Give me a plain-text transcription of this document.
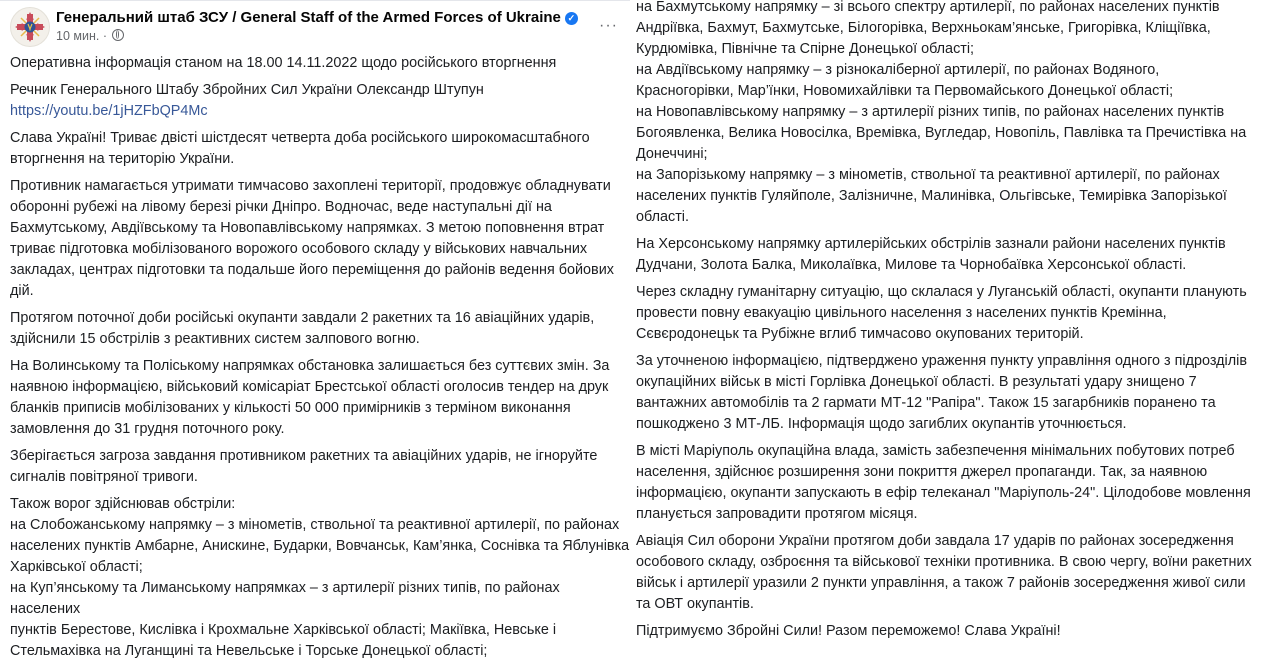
Генеральний штаб ЗСУ / General Staff of the Armed Forces of Ukraine ✓
10 мин. ·
···

Оперативна інформація станом на 18.00 14.11.2022 щодо російського вторгнення

Речник Генерального Штабу Збройних Сил України Олександр Штупун

https://youtu.be/1jHZFbQP4Mc

Слава Україні! Триває двісті шістдесят четверта доба російського широкомасштабного
вторгнення на територію України.

Противник намагається утримати тимчасово захоплені території, продовжує обладнувати
оборонні рубежі на лівому березі річки Дніпро. Водночас, веде наступальні дії на
Бахмутському, Авдіївському та Новопавлівському напрямках. З метою поповнення втрат
триває підготовка мобілізованого ворожого особового складу у військових навчальних
закладах, центрах підготовки та подальше його переміщення до районів ведення бойових
дій.

Протягом поточної доби російські окупанти завдали 2 ракетних та 16 авіаційних ударів,
здійснили 15 обстрілів з реактивних систем залпового вогню.

На Волинському та Поліському напрямках обстановка залишається без суттєвих змін. За
наявною інформацією, військовий комісаріат Брестської області оголосив тендер на друк
бланків приписів мобілізованих у кількості 50 000 примірників з терміном виконання
замовлення до 31 грудня поточного року.

Зберігається загроза завдання противником ракетних та авіаційних ударів, не ігноруйте
сигналів повітряної тривоги.

Також ворог здійснював обстріли:
на Слобожанському напрямку – з мінометів, ствольної та реактивної артилерії, по районах
населених пунктів Амбарне, Анискине, Бударки, Вовчанськ, Кам’янка, Соснівка та Яблунівка
Харківської області;
на Куп’янському та Лиманському напрямках – з артилерії різних типів, по районах населених
пунктів Берестове, Кислівка і Крохмальне Харківської області; Макіївка, Невське і
Стельмахівка на Луганщині та Невельське і Торське Донецької області;

на Бахмутському напрямку – зі всього спектру артилерії, по районах населених пунктів
Андріївка, Бахмут, Бахмутське, Білогорівка, Верхньокам’янське, Григорівка, Кліщіївка,
Курдюмівка, Північне та Спірне Донецької області;
на Авдіївському напрямку – з різнокаліберної артилерії, по районах Водяного,
Красногорівки, Мар’їнки, Новомихайлівки та Первомайського Донецької області;
на Новопавлівському напрямку – з артилерії різних типів, по районах населених пунктів
Богоявленка, Велика Новосілка, Времівка, Вугледар, Новопіль, Павлівка та Пречистівка на
Донеччині;
на Запорізькому напрямку – з мінометів, ствольної та реактивної артилерії, по районах
населених пунктів Гуляйполе, Залізничне, Малинівка, Ольгівське, Темирівка Запорізької
області.

На Херсонському напрямку артилерійських обстрілів зазнали райони населених пунктів
Дудчани, Золота Балка, Миколаївка, Милове та Чорнобаївка Херсонської області.

Через складну гуманітарну ситуацію, що склалася у Луганській області, окупанти планують
провести повну евакуацію цивільного населення з населених пунктів Кремінна,
Сєвєродонецьк та Рубіжне вглиб тимчасово окупованих територій.

За уточненою інформацією, підтверджено ураження пункту управління одного з підрозділів
окупаційних військ в місті Горлівка Донецької області. В результаті удару знищено 7
вантажних автомобілів та 2 гармати МТ-12 "Рапіра". Також 15 загарбників поранено та
пошкоджено 3 МТ-ЛБ. Інформація щодо загиблих окупантів уточнюється.

В місті Маріуполь окупаційна влада, замість забезпечення мінімальних побутових потреб
населення, здійснює розширення зони покриття джерел пропаганди. Так, за наявною
інформацією, окупанти запускають в ефір телеканал "Маріуполь-24". Цілодобове мовлення
планується запровадити протягом місяця.

Авіація Сил оборони України протягом доби завдала 17 ударів по районах зосередження
особового складу, озброєння та військової техніки противника. В свою чергу, воїни ракетних
військ і артилерії уразили 2 пункти управління, а також 7 районів зосередження живої сили
та ОВТ окупантів.

Підтримуємо Збройні Сили! Разом переможемо! Слава Україні!
